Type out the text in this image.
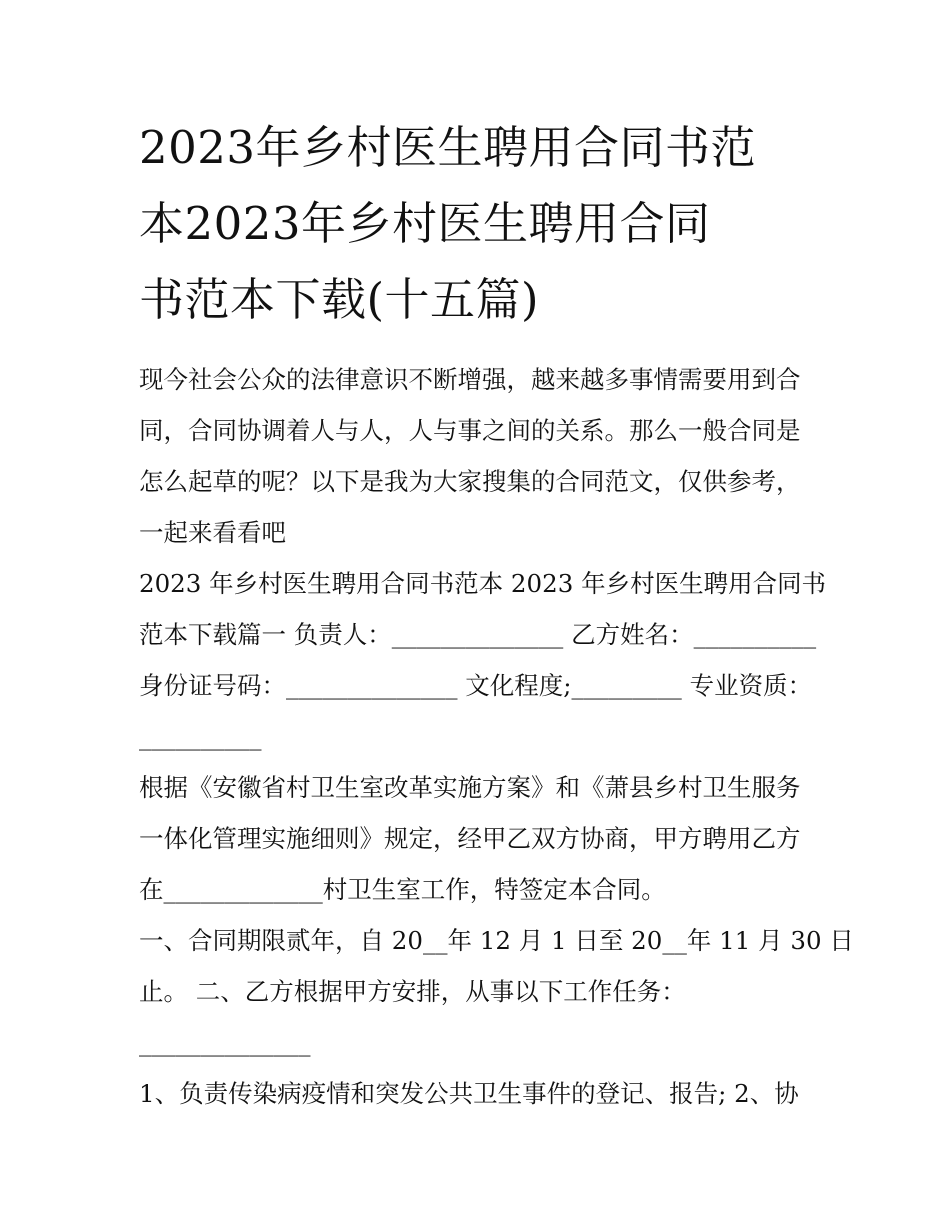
2023年乡村医生聘用合同书范
本2023年乡村医生聘用合同
书范本下载(十五篇)
现今社会公众的法律意识不断增强，越来越多事情需要用到合
同，合同协调着人与人，人与事之间的关系。那么一般合同是
怎么起草的呢？以下是我为大家搜集的合同范文，仅供参考，
一起来看看吧
2023 年乡村医生聘用合同书范本 2023 年乡村医生聘用合同书
范本下载篇一 负责人：______________ 乙方姓名：__________
身份证号码：______________ 文化程度;_________ 专业资质：
__________
根据《安徽省村卫生室改革实施方案》和《萧县乡村卫生服务
一体化管理实施细则》规定，经甲乙双方协商，甲方聘用乙方
在_____________村卫生室工作，特签定本合同。
一、合同期限贰年，自 20__年 12 月 1 日至 20__年 11 月 30 日
止。 二、乙方根据甲方安排，从事以下工作任务：
______________
1、负责传染病疫情和突发公共卫生事件的登记、报告; 2、协
